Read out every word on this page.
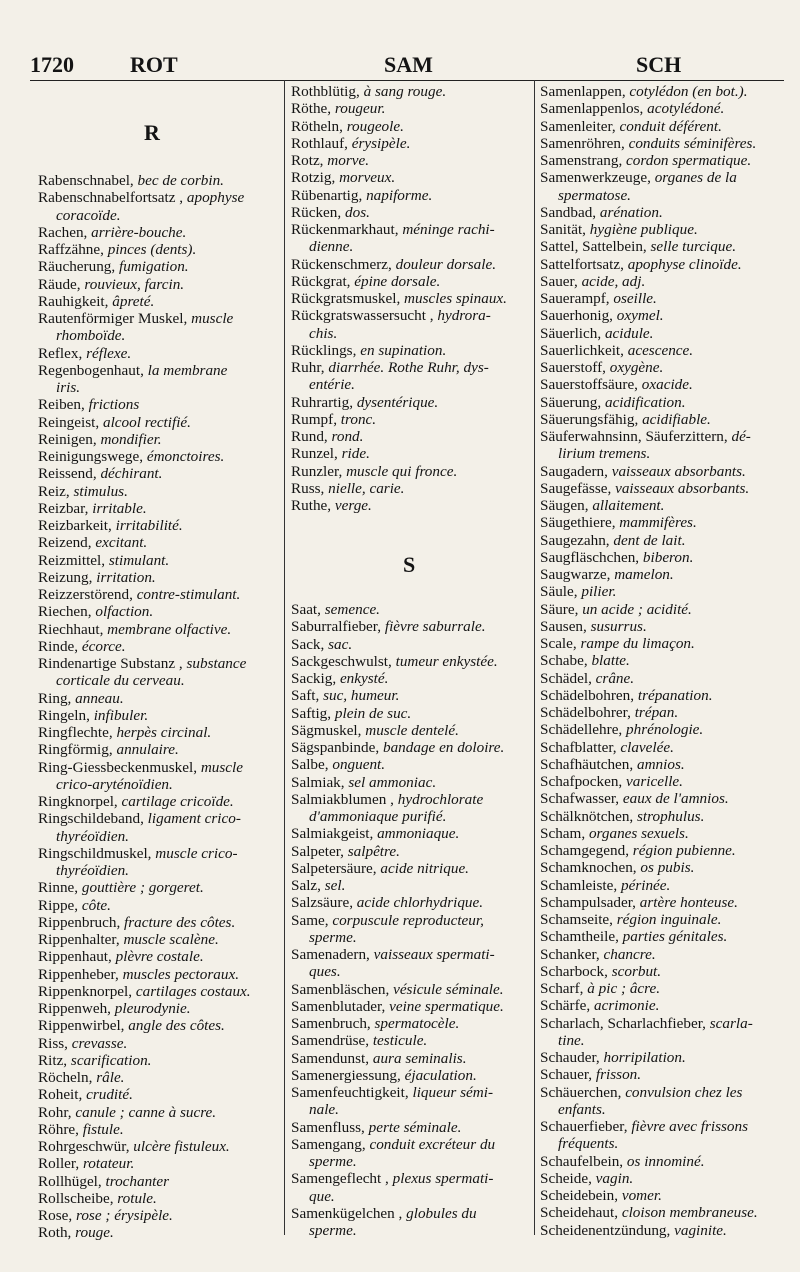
1720	ROT	SAM	SCH
R
S
Rabenschnabel, bec de corbin.
Rabenschnabelfortsatz , apophyse
coracoïde.
Rachen, arrière-bouche.
Raffzähne, pinces (dents).
Räucherung, fumigation.
Räude, rouvieux, farcin.
Rauhigkeit, âpreté.
Rautenförmiger Muskel, muscle
rhomboïde.
Reflex, réflexe.
Regenbogenhaut, la membrane
iris.
Reiben, frictions
Reingeist, alcool rectifié.
Reinigen, mondifier.
Reinigungswege, émonctoires.
Reissend, déchirant.
Reiz, stimulus.
Reizbar, irritable.
Reizbarkeit, irritabilité.
Reizend, excitant.
Reizmittel, stimulant.
Reizung, irritation.
Reizzerstörend, contre-stimulant.
Riechen, olfaction.
Riechhaut, membrane olfactive.
Rinde, écorce.
Rindenartige Substanz , substance
corticale du cerveau.
Ring, anneau.
Ringeln, infibuler.
Ringflechte, herpès circinal.
Ringförmig, annulaire.
Ring-Giessbeckenmuskel, muscle
crico-aryténoïdien.
Ringknorpel, cartilage cricoïde.
Ringschildeband, ligament crico-
thyréoïdien.
Ringschildmuskel, muscle crico-
thyréoïdien.
Rinne, gouttière ; gorgeret.
Rippe, côte.
Rippenbruch, fracture des côtes.
Rippenhalter, muscle scalène.
Rippenhaut, plèvre costale.
Rippenheber, muscles pectoraux.
Rippenknorpel, cartilages costaux.
Rippenweh, pleurodynie.
Rippenwirbel, angle des côtes.
Riss, crevasse.
Ritz, scarification.
Röcheln, râle.
Roheit, crudité.
Rohr, canule ; canne à sucre.
Röhre, fistule.
Rohrgeschwür, ulcère fistuleux.
Roller, rotateur.
Rollhügel, trochanter
Rollscheibe, rotule.
Rose, rose ; érysipèle.
Roth, rouge.
Rothblütig, à sang rouge.
Röthe, rougeur.
Rötheln, rougeole.
Rothlauf, érysipèle.
Rotz, morve.
Rotzig, morveux.
Rübenartig, napiforme.
Rücken, dos.
Rückenmarkhaut, méninge rachi-
dienne.
Rückenschmerz, douleur dorsale.
Rückgrat, épine dorsale.
Rückgratsmuskel, muscles spinaux.
Rückgratswassersucht , hydrora-
chis.
Rücklings, en supination.
Ruhr, diarrhée. Rothe Ruhr, dys-
entérie.
Ruhrartig, dysentérique.
Rumpf, tronc.
Rund, rond.
Runzel, ride.
Runzler, muscle qui fronce.
Russ, nielle, carie.
Ruthe, verge.
Saat, semence.
Saburralfieber, fièvre saburrale.
Sack, sac.
Sackgeschwulst, tumeur enkystée.
Sackig, enkysté.
Saft, suc, humeur.
Saftig, plein de suc.
Sägmuskel, muscle dentelé.
Sägspanbinde, bandage en doloire.
Salbe, onguent.
Salmiak, sel ammoniac.
Salmiakblumen , hydrochlorate
d'ammoniaque purifié.
Salmiakgeist, ammoniaque.
Salpeter, salpêtre.
Salpetersäure, acide nitrique.
Salz, sel.
Salzsäure, acide chlorhydrique.
Same, corpuscule reproducteur,
sperme.
Samenadern, vaisseaux spermati-
ques.
Samenbläschen, vésicule séminale.
Samenblutader, veine spermatique.
Samenbruch, spermatocèle.
Samendrüse, testicule.
Samendunst, aura seminalis.
Samenergiessung, éjaculation.
Samenfeuchtigkeit, liqueur sémi-
nale.
Samenfluss, perte séminale.
Samengang, conduit excréteur du
sperme.
Samengeflecht , plexus spermati-
que.
Samenkügelchen , globules du
sperme.
Samenlappen, cotylédon (en bot.).
Samenlappenlos, acotylédoné.
Samenleiter, conduit déférent.
Samenröhren, conduits séminifères.
Samenstrang, cordon spermatique.
Samenwerkzeuge, organes de la
spermatose.
Sandbad, arénation.
Sanität, hygiène publique.
Sattel, Sattelbein, selle turcique.
Sattelfortsatz, apophyse clinoïde.
Sauer, acide, adj.
Sauerampf, oseille.
Sauerhonig, oxymel.
Säuerlich, acidule.
Sauerlichkeit, acescence.
Sauerstoff, oxygène.
Sauerstoffsäure, oxacide.
Säuerung, acidification.
Säuerungsfähig, acidifiable.
Säuferwahnsinn, Säuferzittern, dé-
lirium tremens.
Saugadern, vaisseaux absorbants.
Saugefässe, vaisseaux absorbants.
Säugen, allaitement.
Säugethiere, mammifères.
Saugezahn, dent de lait.
Saugfläschchen, biberon.
Saugwarze, mamelon.
Säule, pilier.
Säure, un acide ; acidité.
Sausen, susurrus.
Scale, rampe du limaçon.
Schabe, blatte.
Schädel, crâne.
Schädelbohren, trépanation.
Schädelbohrer, trépan.
Schädellehre, phrénologie.
Schafblatter, clavelée.
Schafhäutchen, amnios.
Schafpocken, varicelle.
Schafwasser, eaux de l'amnios.
Schälknötchen, strophulus.
Scham, organes sexuels.
Schamgegend, région pubienne.
Schamknochen, os pubis.
Schamleiste, périnée.
Schampulsader, artère honteuse.
Schamseite, région inguinale.
Schamtheile, parties génitales.
Schanker, chancre.
Scharbock, scorbut.
Scharf, à pic ; âcre.
Schärfe, acrimonie.
Scharlach, Scharlachfieber, scarla-
tine.
Schauder, horripilation.
Schauer, frisson.
Schäuerchen, convulsion chez les
enfants.
Schauerfieber, fièvre avec frissons
fréquents.
Schaufelbein, os innominé.
Scheide, vagin.
Scheidebein, vomer.
Scheidehaut, cloison membraneuse.
Scheidenentzündung, vaginite.
